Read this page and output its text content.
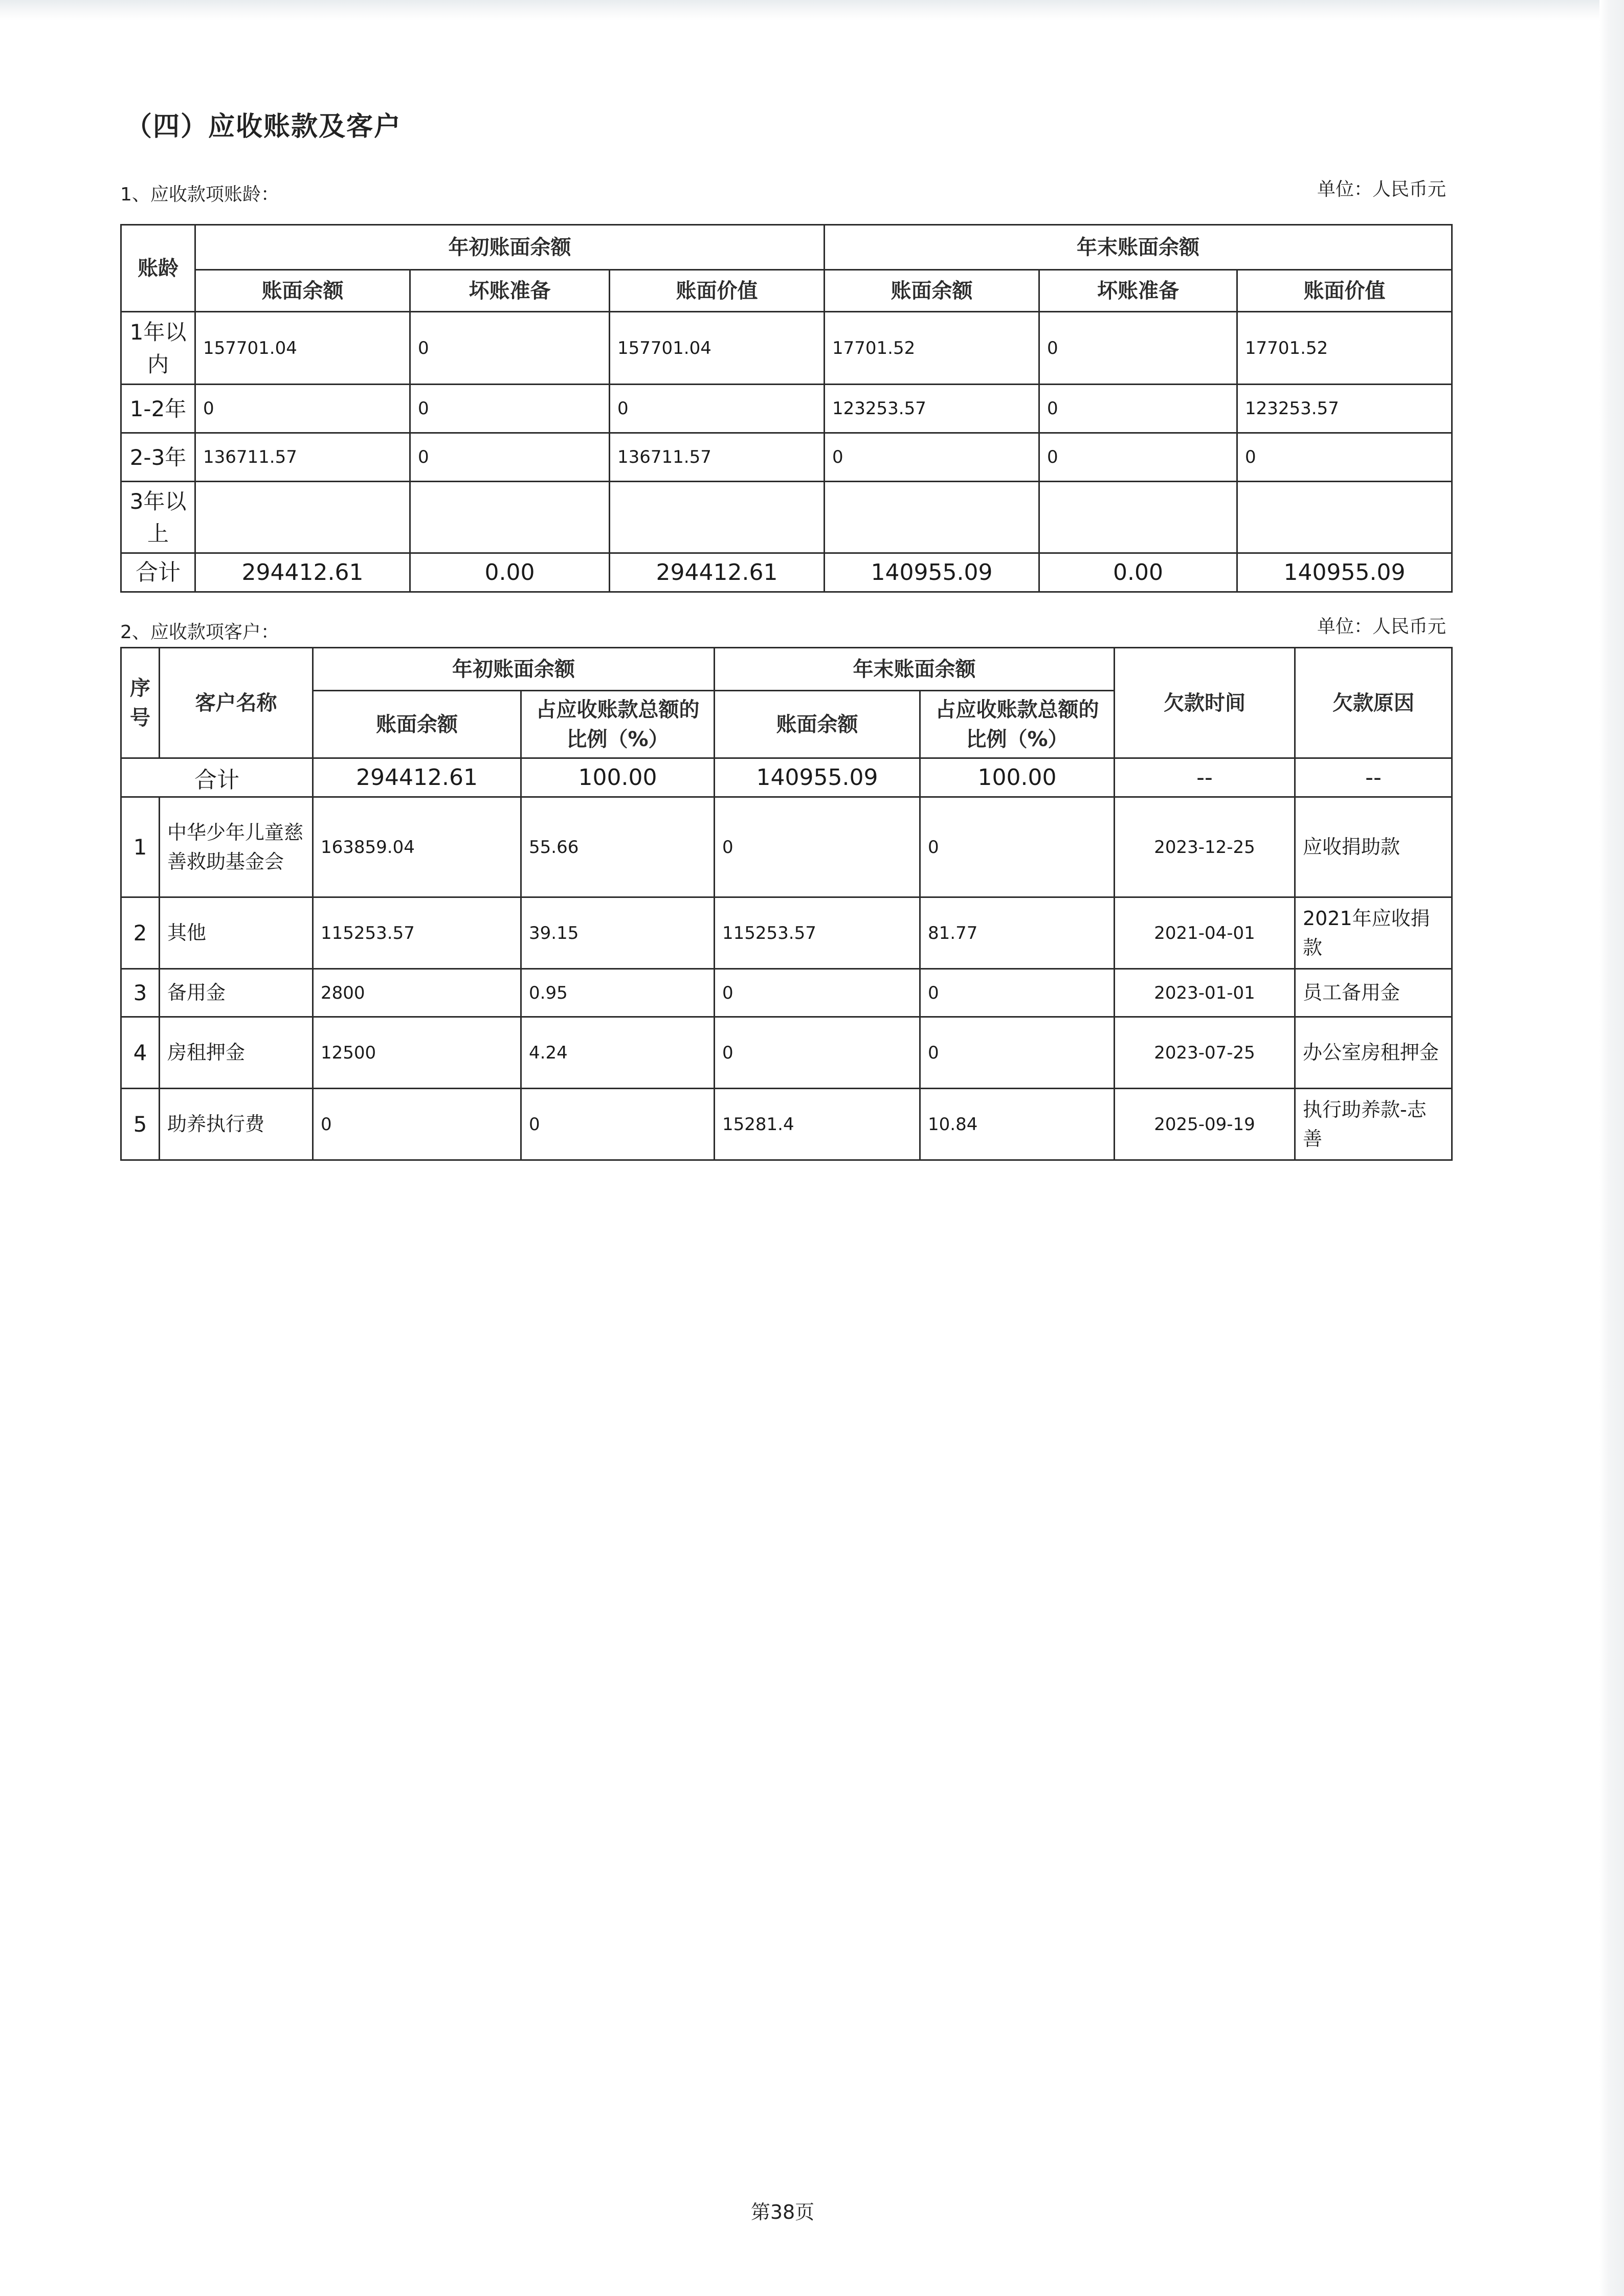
（四）应收账款及客户
1、应收款项账龄：	单位：人民币元
账龄	年初账面余额			年末账面余额		
	账面余额	坏账准备	账面价值	账面余额	坏账准备	账面价值
1年以内	157701.04	0	157701.04	17701.52	0	17701.52
1-2年	0	0	0	123253.57	0	123253.57
2-3年	136711.57	0	136711.57	0	0	0
3年以上						
合计	294412.61	0.00	294412.61	140955.09	0.00	140955.09
2、应收款项客户：	单位：人民币元
序号	客户名称	年初账面余额		年末账面余额		欠款时间	欠款原因
		账面余额	占应收账款总额的比例（%）	账面余额	占应收账款总额的比例（%）		
合计		294412.61	100.00	140955.09	100.00	--	--
1	中华少年儿童慈善救助基金会	163859.04	55.66	0	0	2023-12-25	应收捐助款
2	其他	115253.57	39.15	115253.57	81.77	2021-04-01	2021年应收捐款
3	备用金	2800	0.95	0	0	2023-01-01	员工备用金
4	房租押金	12500	4.24	0	0	2023-07-25	办公室房租押金
5	助养执行费	0	0	15281.4	10.84	2025-09-19	执行助养款-志善
第38页
